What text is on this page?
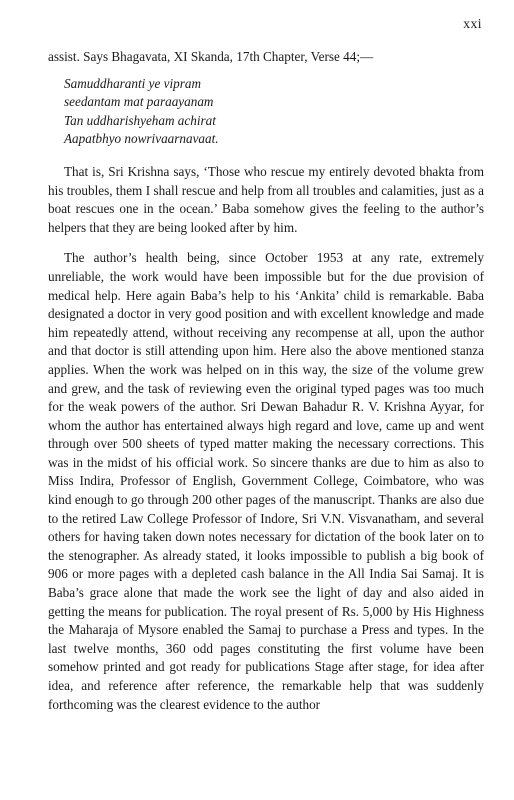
xxi

assist. Says Bhagavata, XI Skanda, 17th Chapter, Verse 44;—

Samuddharanti ye vipram
seedantam mat paraayanam
Tan uddharishyeham achirat
Aapatbhyo nowrivaarnavaat.

That is, Sri Krishna says, ‘Those who rescue my entirely devoted bhakta from his troubles, them I shall rescue and help from all troubles and calamities, just as a boat rescues one in the ocean.’ Baba somehow gives the feeling to the author’s helpers that they are being looked after by him.

The author’s health being, since October 1953 at any rate, extremely unreliable, the work would have been impossible but for the due provision of medical help. Here again Baba’s help to his ‘Ankita’ child is remarkable. Baba designated a doctor in very good position and with excellent knowledge and made him repeatedly attend, without receiving any recompense at all, upon the author and that doctor is still attending upon him. Here also the above mentioned stanza applies. When the work was helped on in this way, the size of the volume grew and grew, and the task of reviewing even the original typed pages was too much for the weak powers of the author. Sri Dewan Bahadur R. V. Krishna Ayyar, for whom the author has entertained always high regard and love, came up and went through over 500 sheets of typed matter making the necessary corrections. This was in the midst of his official work. So sincere thanks are due to him as also to Miss Indira, Professor of English, Government College, Coimbatore, who was kind enough to go through 200 other pages of the manuscript. Thanks are also due to the retired Law College Professor of Indore, Sri V.N. Visvanatham, and several others for having taken down notes necessary for dictation of the book later on to the stenographer. As already stated, it looks impossible to publish a big book of 906 or more pages with a depleted cash balance in the All India Sai Samaj. It is Baba’s grace alone that made the work see the light of day and also aided in getting the means for publication. The royal present of Rs. 5,000 by His Highness the Maharaja of Mysore enabled the Samaj to purchase a Press and types. In the last twelve months, 360 odd pages constituting the first volume have been somehow printed and got ready for publications Stage after stage, for idea after idea, and reference after reference, the remarkable help that was suddenly forthcoming was the clearest evidence to the author
